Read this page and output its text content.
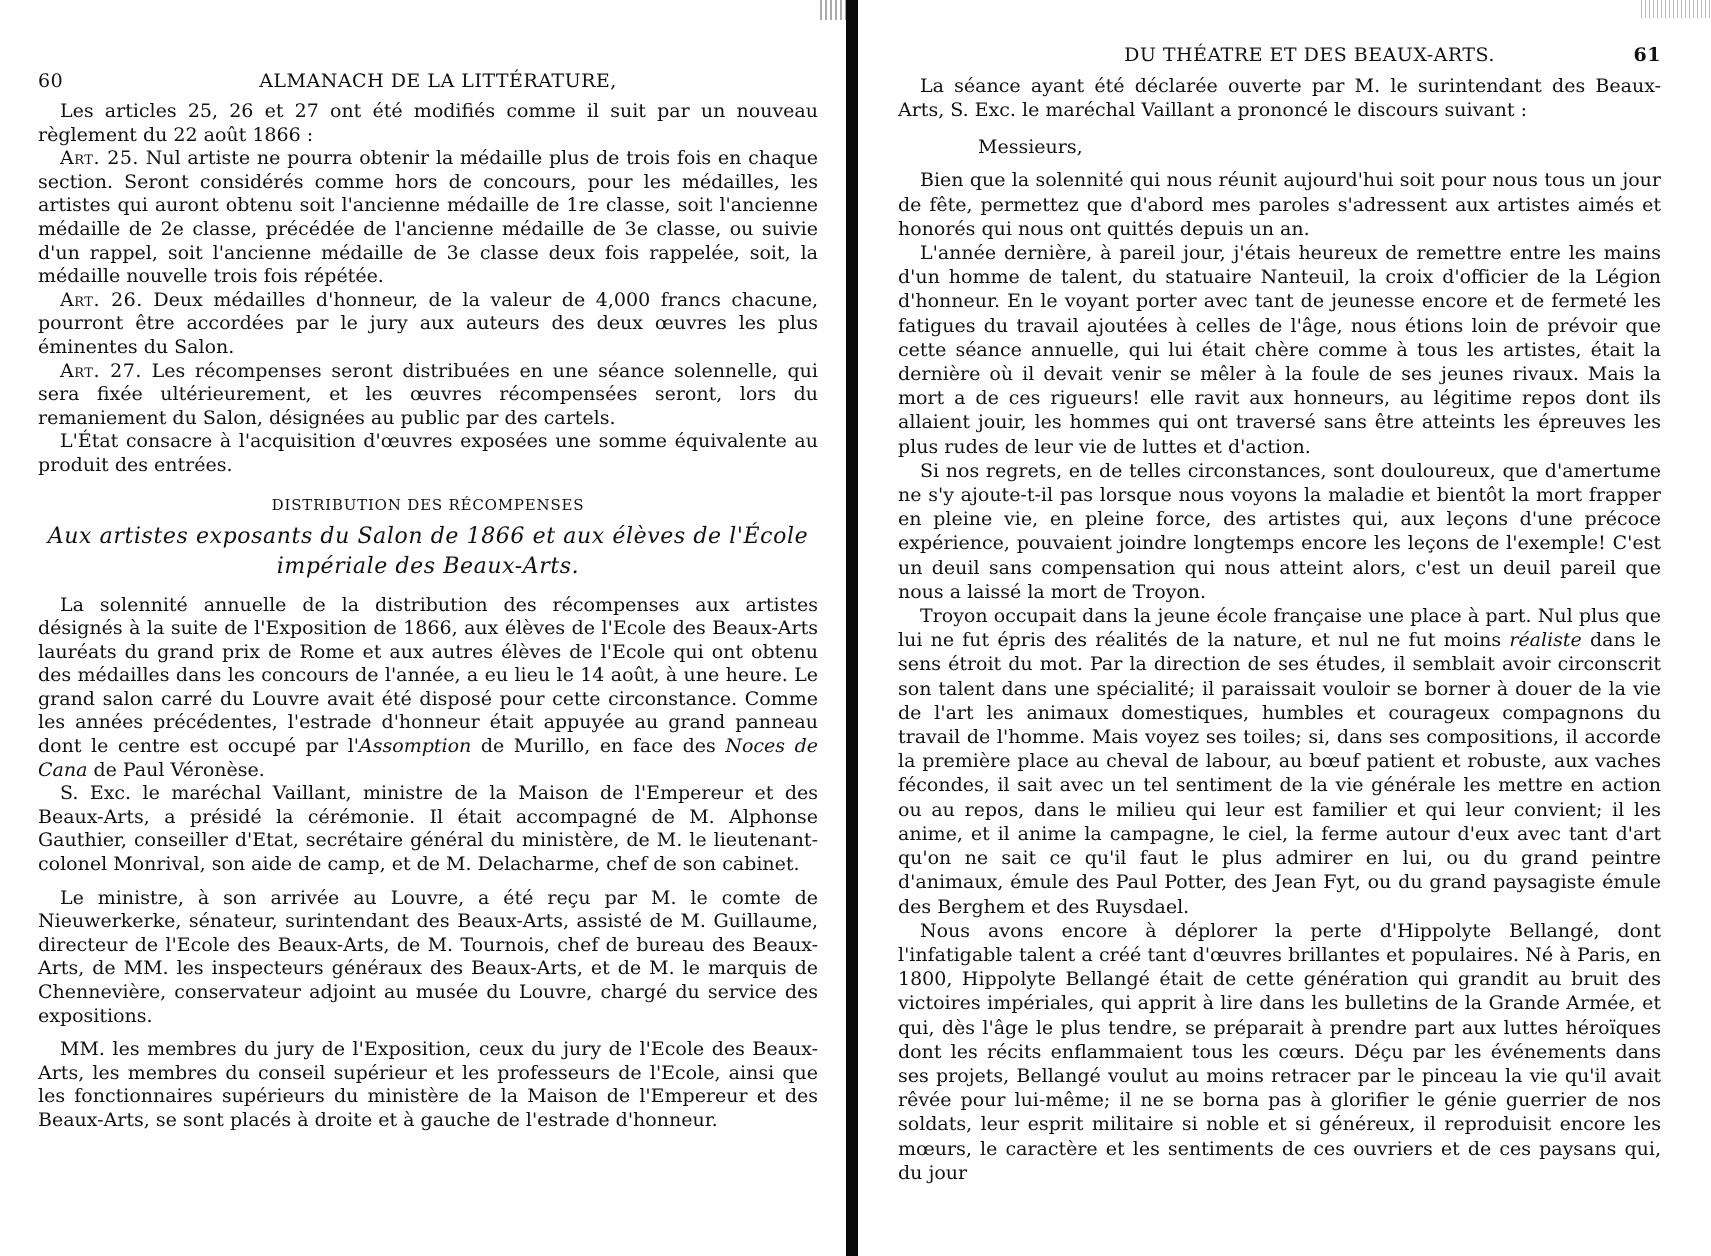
60	ALMANACH DE LA LITTÉRATURE,

Les articles 25, 26 et 27 ont été modifiés comme il suit par un nouveau règlement du 22 août 1866 :

Art. 25. Nul artiste ne pourra obtenir la médaille plus de trois fois en chaque section. Seront considérés comme hors de concours, pour les médailles, les artistes qui auront obtenu soit l'ancienne médaille de 1re classe, soit l'ancienne médaille de 2e classe, précédée de l'ancienne médaille de 3e classe, ou suivie d'un rappel, soit l'ancienne médaille de 3e classe deux fois rappelée, soit, la médaille nouvelle trois fois répétée.

Art. 26. Deux médailles d'honneur, de la valeur de 4,000 francs chacune, pourront être accordées par le jury aux auteurs des deux œuvres les plus éminentes du Salon.

Art. 27. Les récompenses seront distribuées en une séance solennelle, qui sera fixée ultérieurement, et les œuvres récompensées seront, lors du remaniement du Salon, désignées au public par des cartels.

L'État consacre à l'acquisition d'œuvres exposées une somme équivalente au produit des entrées.

DISTRIBUTION DES RÉCOMPENSES
Aux artistes exposants du Salon de 1866 et aux élèves de l'École impériale des Beaux-Arts.

La solennité annuelle de la distribution des récompenses aux artistes désignés à la suite de l'Exposition de 1866, aux élèves de l'Ecole des Beaux-Arts lauréats du grand prix de Rome et aux autres élèves de l'Ecole qui ont obtenu des médailles dans les concours de l'année, a eu lieu le 14 août, à une heure. Le grand salon carré du Louvre avait été disposé pour cette circonstance. Comme les années précédentes, l'estrade d'honneur était appuyée au grand panneau dont le centre est occupé par l'Assomption de Murillo, en face des Noces de Cana de Paul Véronèse.

S. Exc. le maréchal Vaillant, ministre de la Maison de l'Empereur et des Beaux-Arts, a présidé la cérémonie. Il était accompagné de M. Alphonse Gauthier, conseiller d'Etat, secrétaire général du ministère, de M. le lieutenant-colonel Monrival, son aide de camp, et de M. Delacharme, chef de son cabinet.

Le ministre, à son arrivée au Louvre, a été reçu par M. le comte de Nieuwerkerke, sénateur, surintendant des Beaux-Arts, assisté de M. Guillaume, directeur de l'Ecole des Beaux-Arts, de M. Tournois, chef de bureau des Beaux-Arts, de MM. les inspecteurs généraux des Beaux-Arts, et de M. le marquis de Chennevière, conservateur adjoint au musée du Louvre, chargé du service des expositions.

MM. les membres du jury de l'Exposition, ceux du jury de l'Ecole des Beaux-Arts, les membres du conseil supérieur et les professeurs de l'Ecole, ainsi que les fonctionnaires supérieurs du ministère de la Maison de l'Empereur et des Beaux-Arts, se sont placés à droite et à gauche de l'estrade d'honneur.

DU THÉATRE ET DES BEAUX-ARTS.	61

La séance ayant été déclarée ouverte par M. le surintendant des Beaux-Arts, S. Exc. le maréchal Vaillant a prononcé le discours suivant :

Messieurs,

Bien que la solennité qui nous réunit aujourd'hui soit pour nous tous un jour de fête, permettez que d'abord mes paroles s'adressent aux artistes aimés et honorés qui nous ont quittés depuis un an.

L'année dernière, à pareil jour, j'étais heureux de remettre entre les mains d'un homme de talent, du statuaire Nanteuil, la croix d'officier de la Légion d'honneur. En le voyant porter avec tant de jeunesse encore et de fermeté les fatigues du travail ajoutées à celles de l'âge, nous étions loin de prévoir que cette séance annuelle, qui lui était chère comme à tous les artistes, était la dernière où il devait venir se mêler à la foule de ses jeunes rivaux. Mais la mort a de ces rigueurs! elle ravit aux honneurs, au légitime repos dont ils allaient jouir, les hommes qui ont traversé sans être atteints les épreuves les plus rudes de leur vie de luttes et d'action.

Si nos regrets, en de telles circonstances, sont douloureux, que d'amertume ne s'y ajoute-t-il pas lorsque nous voyons la maladie et bientôt la mort frapper en pleine vie, en pleine force, des artistes qui, aux leçons d'une précoce expérience, pouvaient joindre longtemps encore les leçons de l'exemple! C'est un deuil sans compensation qui nous atteint alors, c'est un deuil pareil que nous a laissé la mort de Troyon.

Troyon occupait dans la jeune école française une place à part. Nul plus que lui ne fut épris des réalités de la nature, et nul ne fut moins réaliste dans le sens étroit du mot. Par la direction de ses études, il semblait avoir circonscrit son talent dans une spécialité; il paraissait vouloir se borner à douer de la vie de l'art les animaux domestiques, humbles et courageux compagnons du travail de l'homme. Mais voyez ses toiles; si, dans ses compositions, il accorde la première place au cheval de labour, au bœuf patient et robuste, aux vaches fécondes, il sait avec un tel sentiment de la vie générale les mettre en action ou au repos, dans le milieu qui leur est familier et qui leur convient; il les anime, et il anime la campagne, le ciel, la ferme autour d'eux avec tant d'art qu'on ne sait ce qu'il faut le plus admirer en lui, ou du grand peintre d'animaux, émule des Paul Potter, des Jean Fyt, ou du grand paysagiste émule des Berghem et des Ruysdael.

Nous avons encore à déplorer la perte d'Hippolyte Bellangé, dont l'infatigable talent a créé tant d'œuvres brillantes et populaires. Né à Paris, en 1800, Hippolyte Bellangé était de cette génération qui grandit au bruit des victoires impériales, qui apprit à lire dans les bulletins de la Grande Armée, et qui, dès l'âge le plus tendre, se préparait à prendre part aux luttes héroïques dont les récits enflammaient tous les cœurs. Déçu par les événements dans ses projets, Bellangé voulut au moins retracer par le pinceau la vie qu'il avait rêvée pour lui-même; il ne se borna pas à glorifier le génie guerrier de nos soldats, leur esprit militaire si noble et si généreux, il reproduisit encore les mœurs, le caractère et les sentiments de ces ouvriers et de ces paysans qui, du jour
